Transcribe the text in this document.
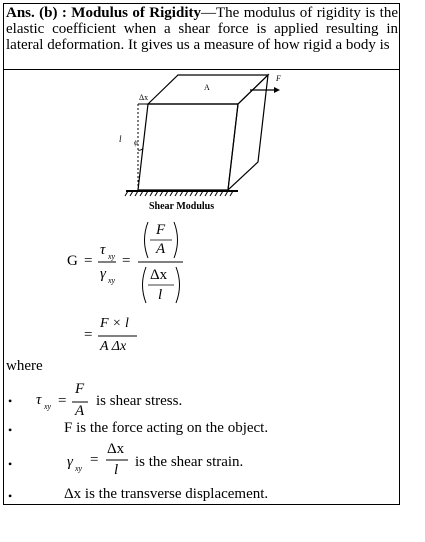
Ans. (b) : Modulus of Rigidity—The modulus of rigidity is the elastic coefficient when a shear force is applied resulting in lateral deformation. It gives us a measure of how rigid a body is
Δx
A
F
l ϕ
Shear Modulus
G =
τ xy
γ xy
=
F
A
Δx
l
=
F × l
A Δx
where
• τ xy =
F
A
is shear stress.
•	F is the force acting on the object.
•	γ xy
=
Δx
l is the shear strain.
•	Δx is the transverse displacement.
